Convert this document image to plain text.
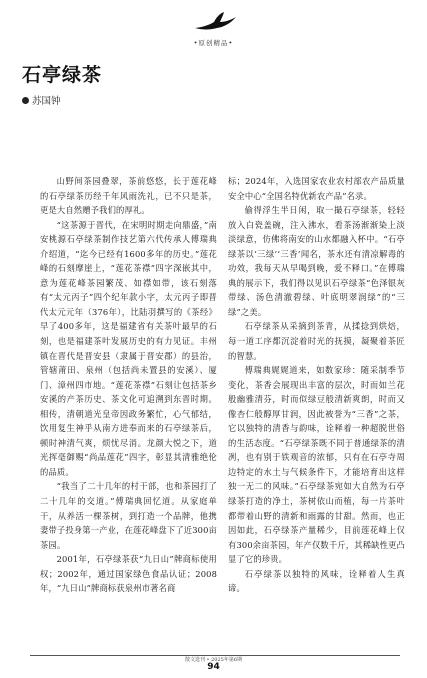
•原创精品•
石亭绿茶
苏国钟

山野间茶园叠翠，茶前悠悠，长于莲花峰的石亭绿茶历经千年风雨洗礼，已不只是茶，更是大自然赠予我们的厚礼。

“这茶源于晋代，在宋明时期走向鼎盛，”南安桃源石亭绿茶制作技艺第六代传承人傅瑞典介绍道，“迄今已经有1600多年的历史。”莲花峰的石刻摩崖上，“莲花茶襟”四字深嵌其中，意为莲花峰茶园繁茂、如襟如带，该石刻落有“太元丙子”四个纪年款小字，太元丙子即晋代太元元年（376年），比陆羽撰写的《茶经》早了400多年，这是福建省有关茶叶最早的石刻，也是福建茶叶发展历史的有力见证。丰州镇在晋代是晋安县（隶属于晋安郡）的县治，管辖莆田、泉州（包括尚未置县的安溪）、厦门、漳州四市地。“莲花茶襟”石刻让包括茶乡安溪的产茶历史、茶文化可追溯到东晋时期。相传，清朝道光皇帝因政务繁忙，心气郁结，饮用复生神乎从南方进奉而来的石亭绿茶后，顿时神清气爽，烦忧尽消。龙颜大悦之下，道光挥毫御赐“尚品莲花”四字，彰显其清雅绝伦的品质。

“我当了二十几年的村干部，也和茶园打了二十几年的交道。”傅瑞典回忆道。从家庭单干，从养活一棵茶树，到打造一个品牌，他携妻带子投身第一产业，在莲花峰盘下了近300亩茶园。

2001年，石亭绿茶获“九日山”牌商标使用权；2002年，通过国家绿色食品认证；2008年，“九日山”牌商标获泉州市著名商

标；2024年，入选国家农业农村部农产品质量安全中心“全国名特优新农产品”名录。

偷得浮生半日闲，取一撮石亭绿茶，轻轻放入白瓷盖碗，注入沸水，看茶汤渐渐染上淡淡绿意，仿佛将南安的山水都融入杯中。“石亭绿茶以‘三绿’‘三香’闻名，茶水还有清凉解毒的功效，我每天从早喝到晚，爱不释口。”在傅瑞典的展示下，我们得以见识石亭绿茶“色泽银灰带绿、汤色清澈碧绿、叶底明翠润绿”的“三绿”之美。

石亭绿茶从采摘到茶青，从揉捻到烘焙，每一道工序都沉淀着时光的抚摸，凝聚着茶匠的智慧。

傅瑞典娓娓道来，如数家珍：随采制季节变化，茶香会展现出丰富的层次，时而如兰花般幽雅清芬，时而似绿豆般清新爽朗，时而又像杏仁般醇厚甘润，因此被誉为“三香”之茶，它以独特的清香与韵味，诠释着一种超脱世俗的生活态度。“石亭绿茶既不同于普通绿茶的清冽，也有别于铁观音的浓郁，只有在石亭寺周边特定的水土与气候条件下，才能培育出这样独一无二的风味。”石亭绿茶宛如大自然为石亭绿茶打造的净土，茶树依山而植，每一片茶叶都带着山野的清新和雨露的甘甜。然而，也正因如此，石亭绿茶产量稀少，目前莲花峰上仅有300余亩茶园，年产仅数千斤，其稀缺性更凸显了它的珍贵。

石亭绿茶以独特的风味，诠释着人生真谛。

散文选刊 • 2025年第6期
94
